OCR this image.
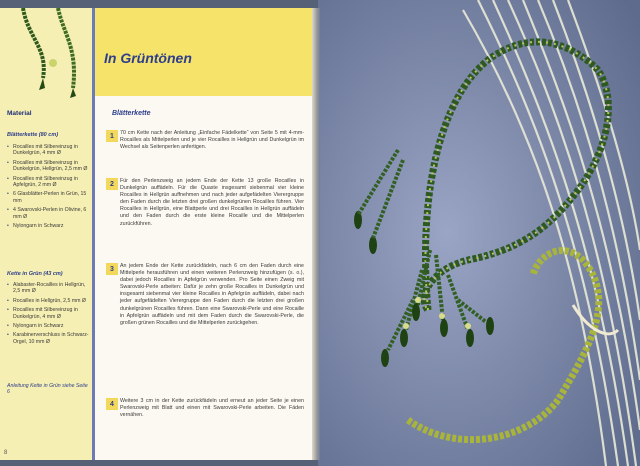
In Grüntönen
Material
Blätterkette (80 cm)
• Rocailles mit Silbereinzug in Dunkelgrün, 4 mm Ø
• Rocailles mit Silbereinzug in Dunkelgrün, Hellgrün, 2,5 mm Ø
• Rocailles mit Silbereinzug in Apfelgrün, 2 mm Ø
• 6 Glasblätter-Perlen in Grün, 15 mm
• 4 Swarovski-Perlen in Olivine, 6 mm Ø
• Nylongarn in Schwarz
Kette in Grün (43 cm)
• Alabaster-Rocailles in Hellgrün, 2,5 mm Ø
• Rocailles in Hellgrün, 2,5 mm Ø
• Rocailles mit Silbereinzug in Dunkelgrün, 4 mm Ø
• Nylongarn in Schwarz
• Karabinerverschluss in Schwarz-Orgel, 10 mm Ø
Anleitung Kette in Grün siehe Seite 6
Blätterkette
1	70 cm Kette nach der Anleitung „Einfache Fädelkette“ von Seite 5 mit 4-mm-Rocailles als Mittelperlen und je vier Rocailles in Hellgrün und Dunkelgrün im Wechsel als Seitenperlen anfertigen.
2	Für den Perlenzweig an jedem Ende der Kette 13 große Rocailles in Dunkelgrün auffädeln. Für die Quaste insgesamt siebenmal vier kleine Rocailles in Hellgrün auffnehmen und nach jeder aufgefädelten Vierergruppe den Faden durch die letzten drei großen dunkelgrünen Rocailles führen. Vier Rocailles in Hellgrün, eine Blattperle und drei Rocailles in Hellgrün auffädeln und den Faden durch die erste kleine Rocaille und die Mittelperlen zurückführen.
3	An jedem Ende der Kette zurückfädeln, nach 6 cm den Faden durch eine Mittelperle herausführen und einen weiteren Perlenzweig hinzufügen (s. o.), dabei jedoch Rocailles in Apfelgrün verwenden. Pro Seite einen Zweig mit Swarovski-Perle arbeiten: Dafür je zehn große Rocailles in Dunkelgrün und insgesamt siebenmal vier kleine Rocailles in Apfelgrün auffädeln, dabei nach jeder aufgefädelten Vierergruppe den Faden durch die letzten drei großen dunkelgrünen Rocailles führen. Dann eine Swarovski-Perle und eine Rocaille in Apfelgrün auffädeln und mit dem Faden durch die Swarovski-Perle, die großen grünen Rocailles und die Mittelperlen zurückgehen.
4	Weitere 3 cm in der Kette zurückfädeln und erneut an jeder Seite je einen Perlenzweig mit Blatt und einen mit Swarovski-Perle arbeiten. Die Fäden vernähen.
8
